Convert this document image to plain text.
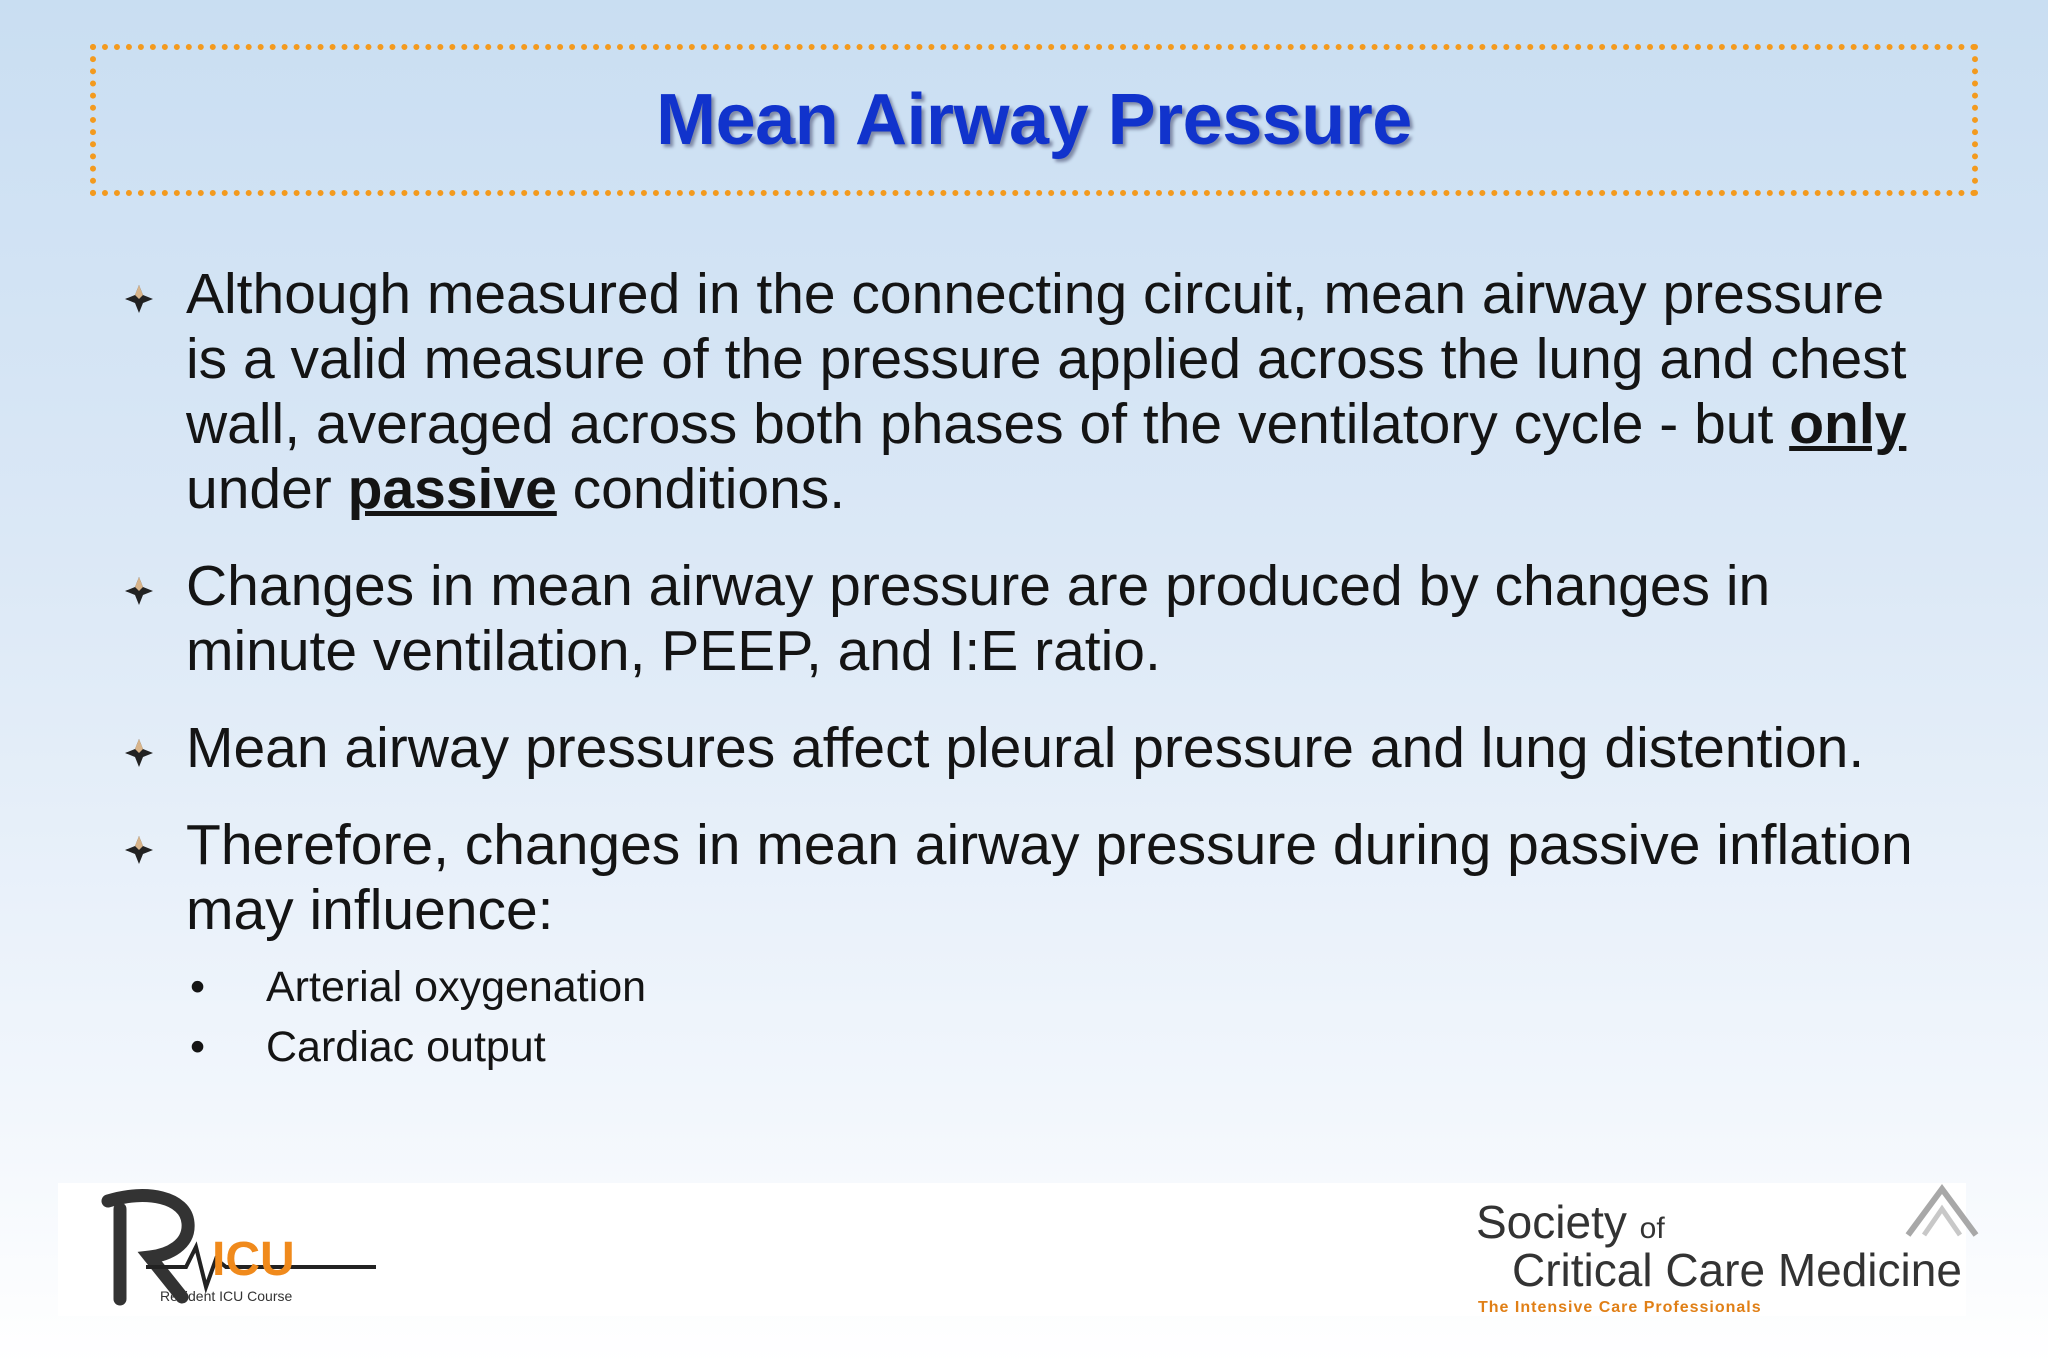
Mean Airway Pressure
Although measured in the connecting circuit, mean airway pressure is a valid measure of the pressure applied across the lung and chest wall, averaged across both phases of the ventilatory cycle - but only under passive conditions.
Changes in mean airway pressure are produced by changes in minute ventilation, PEEP, and I:E ratio.
Mean airway pressures affect pleural pressure and lung distention.
Therefore, changes in mean airway pressure during passive inflation may influence:
• Arterial oxygenation
• Cardiac output
ICU
Resident ICU Course
Society of
Critical Care Medicine
The Intensive Care Professionals
